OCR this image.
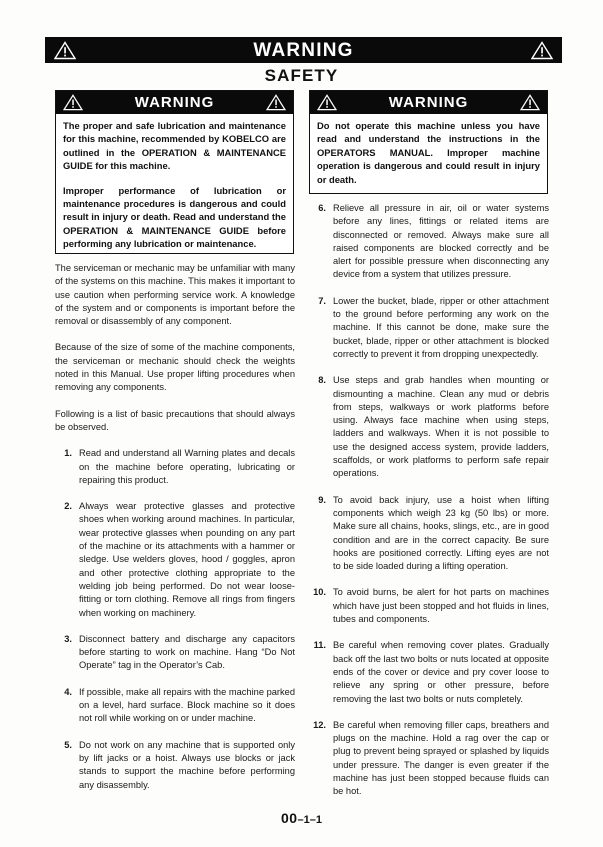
WARNING
SAFETY
WARNING

The proper and safe lubrication and maintenance for this machine, recommended by KOBELCO are outlined in the OPERATION & MAINTENANCE GUIDE for this machine.

Improper performance of lubrication or maintenance procedures is dangerous and could result in injury or death. Read and understand the OPERATION & MAINTENANCE GUIDE before performing any lubrication or maintenance.

WARNING

Do not operate this machine unless you have read and understand the instructions in the OPERATORS MANUAL. Improper machine operation is dangerous and could result in injury or death.

The serviceman or mechanic may be unfamiliar with many of the systems on this machine. This makes it important to use caution when performing service work. A knowledge of the system and or components is important before the removal or disassembly of any component.

Because of the size of some of the machine components, the serviceman or mechanic should check the weights noted in this Manual. Use proper lifting procedures when removing any components.

Following is a list of basic precautions that should always be observed.

1. Read and understand all Warning plates and decals on the machine before operating, lubricating or repairing this product.
2. Always wear protective glasses and protective shoes when working around machines. In particular, wear protective glasses when pounding on any part of the machine or its attachments with a hammer or sledge. Use welders gloves, hood / goggles, apron and other protective clothing appropriate to the welding job being performed. Do not wear loose-fitting or torn clothing. Remove all rings from fingers when working on machinery.
3. Disconnect battery and discharge any capacitors before starting to work on machine. Hang “Do Not Operate” tag in the Operator’s Cab.
4. If possible, make all repairs with the machine parked on a level, hard surface. Block machine so it does not roll while working on or under machine.
5. Do not work on any machine that is supported only by lift jacks or a hoist. Always use blocks or jack stands to support the machine before performing any disassembly.
6. Relieve all pressure in air, oil or water systems before any lines, fittings or related items are disconnected or removed. Always make sure all raised components are blocked correctly and be alert for possible pressure when disconnecting any device from a system that utilizes pressure.
7. Lower the bucket, blade, ripper or other attachment to the ground before performing any work on the machine. If this cannot be done, make sure the bucket, blade, ripper or other attachment is blocked correctly to prevent it from dropping unexpectedly.
8. Use steps and grab handles when mounting or dismounting a machine. Clean any mud or debris from steps, walkways or work platforms before using. Always face machine when using steps, ladders and walkways. When it is not possible to use the designed access system, provide ladders, scaffolds, or work platforms to perform safe repair operations.
9. To avoid back injury, use a hoist when lifting components which weigh 23 kg (50 lbs) or more. Make sure all chains, hooks, slings, etc., are in good condition and are in the correct capacity. Be sure hooks are positioned correctly. Lifting eyes are not to be side loaded during a lifting operation.
10. To avoid burns, be alert for hot parts on machines which have just been stopped and hot fluids in lines, tubes and components.
11. Be careful when removing cover plates. Gradually back off the last two bolts or nuts located at opposite ends of the cover or device and pry cover loose to relieve any spring or other pressure, before removing the last two bolts or nuts completely.
12. Be careful when removing filler caps, breathers and plugs on the machine. Hold a rag over the cap or plug to prevent being sprayed or splashed by liquids under pressure. The danger is even greater if the machine has just been stopped because fluids can be hot.
00–1–1
